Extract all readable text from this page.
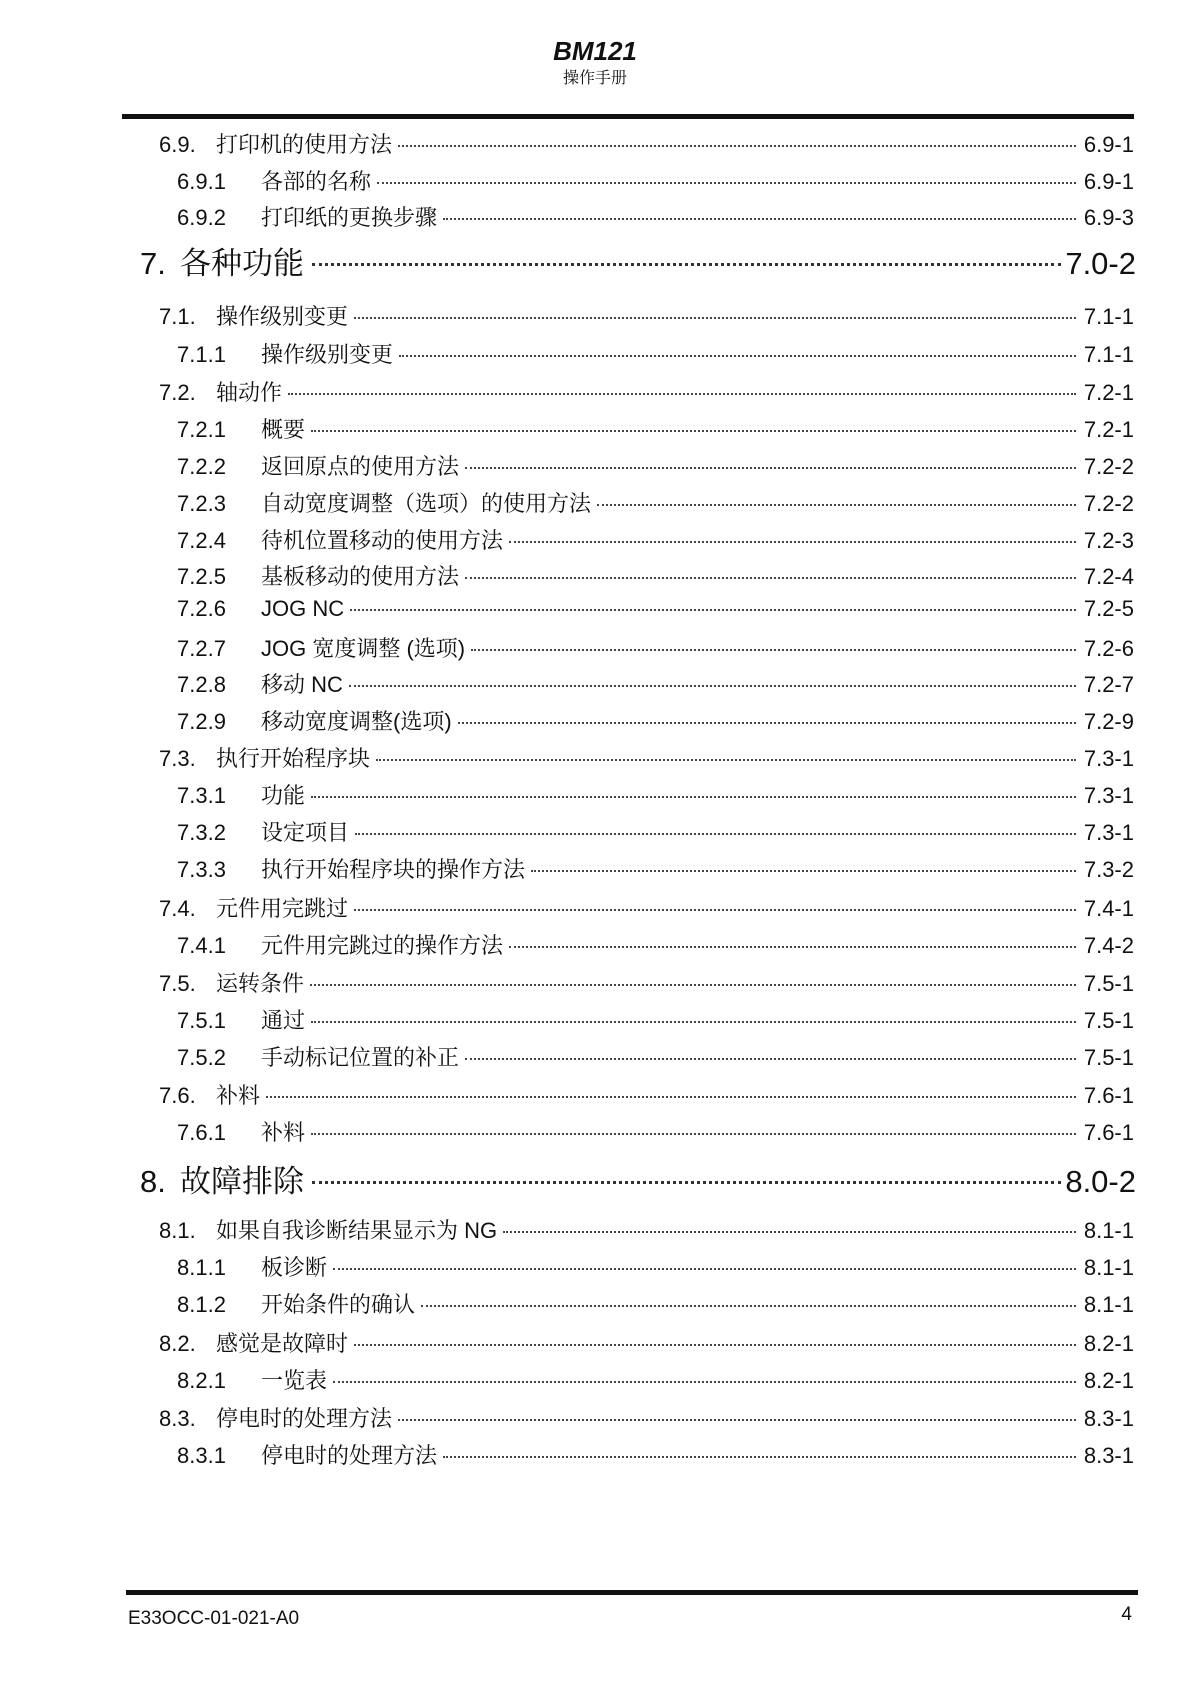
BM121
操作手册
6.9. 打印机的使用方法	6.9-1
6.9.1	各部的名称	6.9-1
6.9.2	打印纸的更换步骤	6.9-3
7. 各种功能	7.0-2
7.1. 操作级别变更	7.1-1
7.1.1	操作级别变更	7.1-1
7.2. 轴动作	7.2-1
7.2.1	概要	7.2-1
7.2.2	返回原点的使用方法	7.2-2
7.2.3	自动宽度调整（选项）的使用方法	7.2-2
7.2.4	待机位置移动的使用方法	7.2-3
7.2.5	基板移动的使用方法	7.2-4
7.2.6	JOG NC	7.2-5
7.2.7	JOG 宽度调整 (选项)	7.2-6
7.2.8	移动 NC	7.2-7
7.2.9	移动宽度调整(选项)	7.2-9
7.3. 执行开始程序块	7.3-1
7.3.1	功能	7.3-1
7.3.2	设定项目	7.3-1
7.3.3	执行开始程序块的操作方法	7.3-2
7.4. 元件用完跳过	7.4-1
7.4.1	元件用完跳过的操作方法	7.4-2
7.5. 运转条件	7.5-1
7.5.1	通过	7.5-1
7.5.2	手动标记位置的补正	7.5-1
7.6. 补料	7.6-1
7.6.1	补料	7.6-1
8. 故障排除	8.0-2
8.1. 如果自我诊断结果显示为 NG	8.1-1
8.1.1	板诊断	8.1-1
8.1.2	开始条件的确认	8.1-1
8.2. 感觉是故障时	8.2-1
8.2.1	一览表	8.2-1
8.3. 停电时的处理方法	8.3-1
8.3.1	停电时的处理方法	8.3-1
E33OCC-01-021-A0	4
